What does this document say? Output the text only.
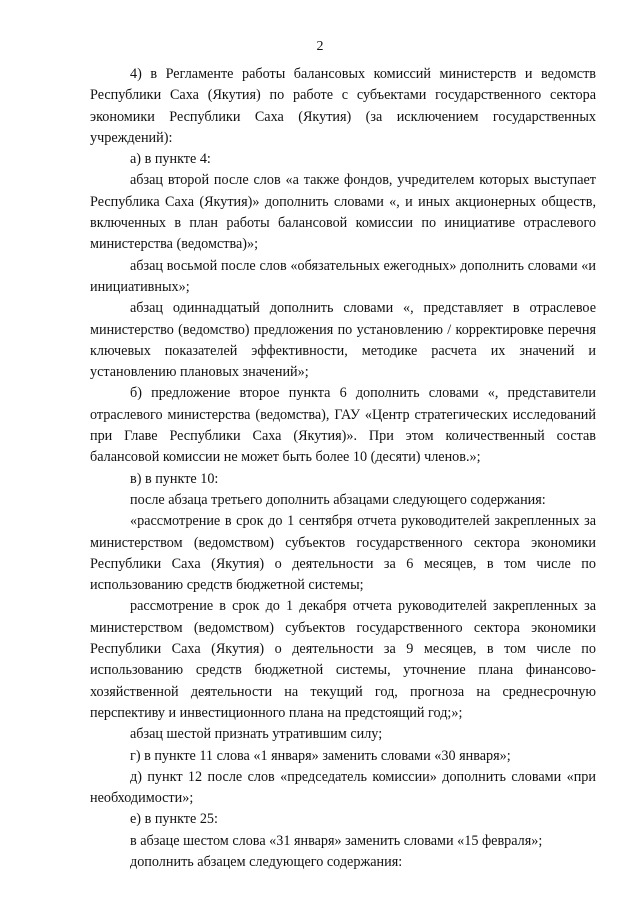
2

4) в Регламенте работы балансовых комиссий министерств и ведомств Республики Саха (Якутия) по работе с субъектами государственного сектора экономики Республики Саха (Якутия) (за исключением государственных учреждений):

а) в пункте 4:

абзац второй после слов «а также фондов, учредителем которых выступает Республика Саха (Якутия)» дополнить словами «, и иных акционерных обществ, включенных в план работы балансовой комиссии по инициативе отраслевого министерства (ведомства)»;

абзац восьмой после слов «обязательных ежегодных» дополнить словами «и инициативных»;

абзац одиннадцатый дополнить словами «, представляет в отраслевое министерство (ведомство) предложения по установлению / корректировке перечня ключевых показателей эффективности, методике расчета их значений и установлению плановых значений»;

б) предложение второе пункта 6 дополнить словами «, представители отраслевого министерства (ведомства), ГАУ «Центр стратегических исследований при Главе Республики Саха (Якутия)». При этом количественный состав балансовой комиссии не может быть более 10 (десяти) членов.»;

в) в пункте 10:

после абзаца третьего дополнить абзацами следующего содержания:

«рассмотрение в срок до 1 сентября отчета руководителей закрепленных за министерством (ведомством) субъектов государственного сектора экономики Республики Саха (Якутия) о деятельности за 6 месяцев, в том числе по использованию средств бюджетной системы;

рассмотрение в срок до 1 декабря отчета руководителей закрепленных за министерством (ведомством) субъектов государственного сектора экономики Республики Саха (Якутия) о деятельности за 9 месяцев, в том числе по использованию средств бюджетной системы, уточнение плана финансово-хозяйственной деятельности на текущий год, прогноза на среднесрочную перспективу и инвестиционного плана на предстоящий год;»;

абзац шестой признать утратившим силу;

г) в пункте 11 слова «1 января» заменить словами «30 января»;

д) пункт 12 после слов «председатель комиссии» дополнить словами «при необходимости»;

е) в пункте 25:

в абзаце шестом слова «31 января» заменить словами «15 февраля»;

дополнить абзацем следующего содержания:
